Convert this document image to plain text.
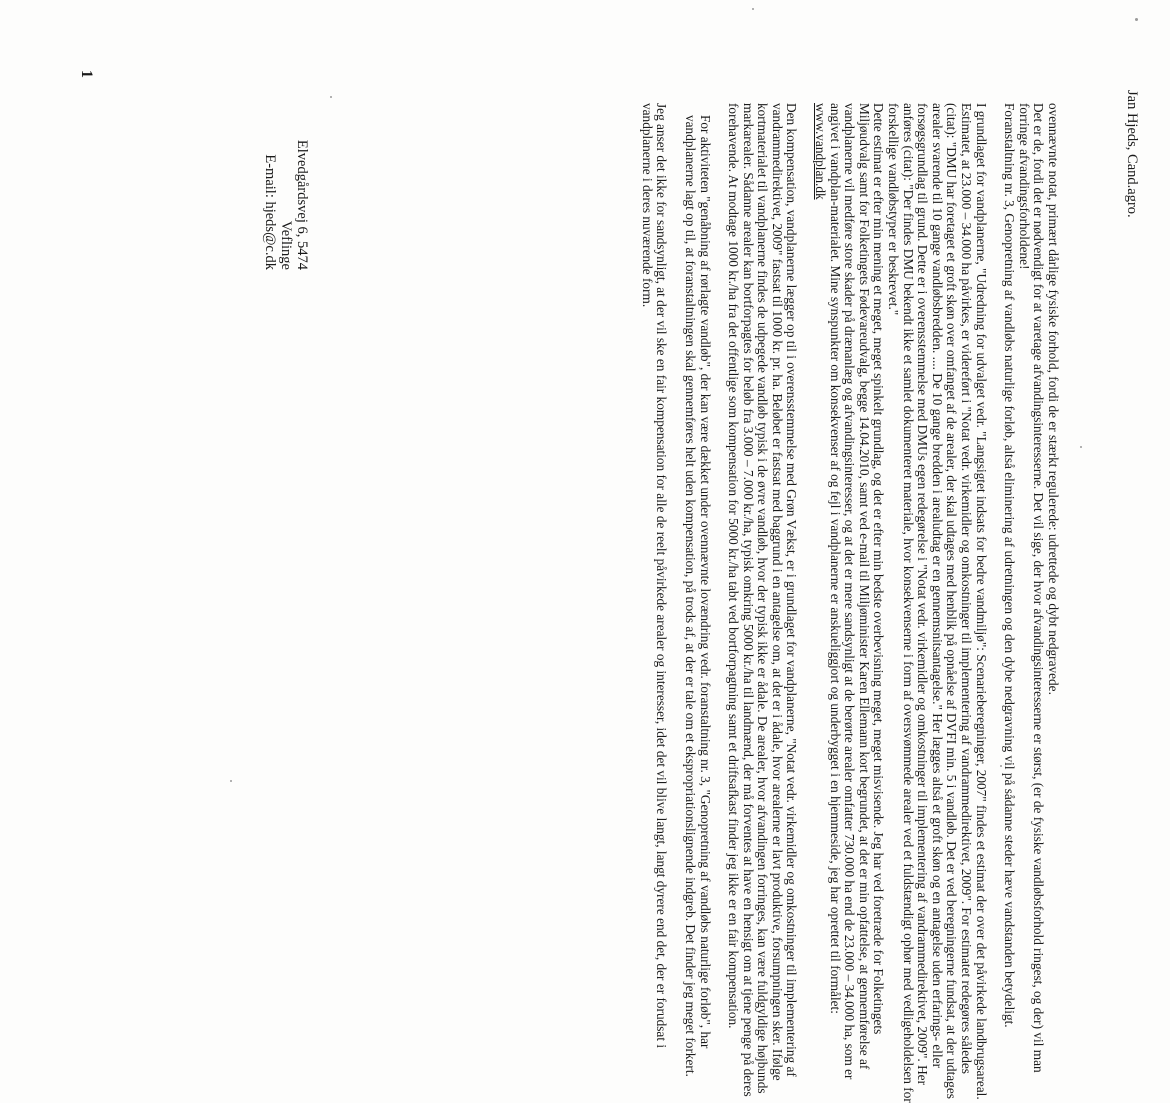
1
Elvedgårdsvej 6, 5474 Veflinge
E-mail: hjeds@c.dk	Jan Hjeds, Cand.agro.

ovennævnte notat, primært dårlige fysiske forhold, fordi de er stærkt regulerede: udrettede og dybt nedgravede.

Det er de, fordi det er nødvendigt for at varetage afvandingsinteresserne. Det vil sige, der hvor afvandingsinteresserne er størst, (er de fysiske vandløbsforhold ringest, og der) vil man forringe afvandingsforholdene!

Foranstaltning nr. 3, Genopretning af vandløbs naturlige forløb, altså eliminering af udretningen og den dybe nedgravning vil på sådanne steder hæve vandstanden betydeligt.

I grundlaget for vandplanerne, "Udredning for udvalget vedr. "Langsigtet indsats for bedre vandmiljø": Scenarieberegninger, 2007" findes et estimat der over det påvirkede landbrugsareal. Estimatet, at 23.000 – 34.000 ha påvirkes, er videreført i "Notat vedr. virkemidler og omkostninger til implementering af vandrammedirektivet, 2009". For estimatet redegøres således (citat): "DMU har foretaget et groft skøn over omfanget af de arealer, der skal udtages med henblik på opnåelse af DVFI min. 5 i vandløb. Det er ved beregningerne fundsat, at der udtages arealer svarende til 10 gange vandløbsbredden. .... De 10 gange bredden i arealudtag er en gennemsnitsantagelse." Her lægges altså et groft skøn og en antagelse uden erfarings- eller forsøgsgrundlag til grund. Dette er i overensstemmelse med DMUs egen redegørelse i "Notat vedr. virkemidler og omkostninger til implementering af vandrammedirektivet, 2009". Her anføres (citat): "Der findes DMU bekendt ikke et samlet dokumenteret materiale, hvor konsekvenserne i form af oversvømmede arealer ved et fuldstændigt ophør med vedligeholdelsen for forskellige vandløbstyper er beskrevet."

Dette estimat er efter min mening et meget, meget spinkelt grundlag, og det er efter min bedste overbevisning meget, meget misvisende. Jeg har ved foretræde for Folketingets Miljøudvalg samt for Folketingets Fødevareudvalg, begge 14.04.2010, samt ved e-mail til Miljøminister Karen Ellemann kort begrundet, at det er min opfattelse, at gennemførelse af vandplanerne vil medføre store skader på drænanlæg og afvandingsinteresser, og at det er mere sandsynligt at de berørte arealer omfatter 730.000 ha end de 23.000 – 34.000 ha, som er angivet i vandplan-materialet. Mine synspunkter om konsekvenser af og fejl i vandplanerne er anskueliggjort og underbygget i en hjemmeside, jeg har oprettet til formålet: www.vandplan.dk

Den kompensation, vandplanerne lægger op til i overensstemmelse med Grøn Vækst, er i grundlaget for vandplanerne, "Notat vedr. virkemidler og omkostninger til implementering af vandrammedirektivet, 2009" fastsat til 1000 kr. pr. ha. Beløbet er fastsat med baggrund i en antagelse om, at det er i ådale, hvor arealerne er lavt produktive, forsumpningen sker. Ifølge kortmaterialet til vandplanerne findes de udpegede vandløb typisk i de øvre vandløb, hvor der typisk ikke er ådale. De arealer, hvor afvandingen forringes, kan være fuldgyldige højbunds markarealer. Sådanne arealer kan bortforpagtes for beløb fra 3.000 – 7.000 kr./ha, typisk omkring 5000 kr./ha til landmænd, der må forventes at have en hensigt om at tjene penge på deres forehavende. At modtage 1000 kr./ha fra det offentlige som kompensation for 5000 kr./ha tabt ved bortforpagtning samt et driftsafkast finder jeg ikke er en fair kompensation.

For aktiviteten "genåbning af rørlagte vandløb", der kan være dækket under ovennævnte lovændring vedr. foranstaltning nr. 3, "Genopretning af vandløbs naturlige forløb", har vandplanerne lagt op til, at foranstaltningen skal gennemføres helt uden kompensation, på trods af, at der er tale om et ekspropriationslignende indgreb. Det finder jeg meget forkert.

Jeg anser det ikke for sandsynligt, at der vil ske en fair kompensation for alle de reelt påvirkede arealer og interesser, idet det vil blive langt, langt dyrere end det, der er forudsat i vandplanerne i deres nuværende form.
